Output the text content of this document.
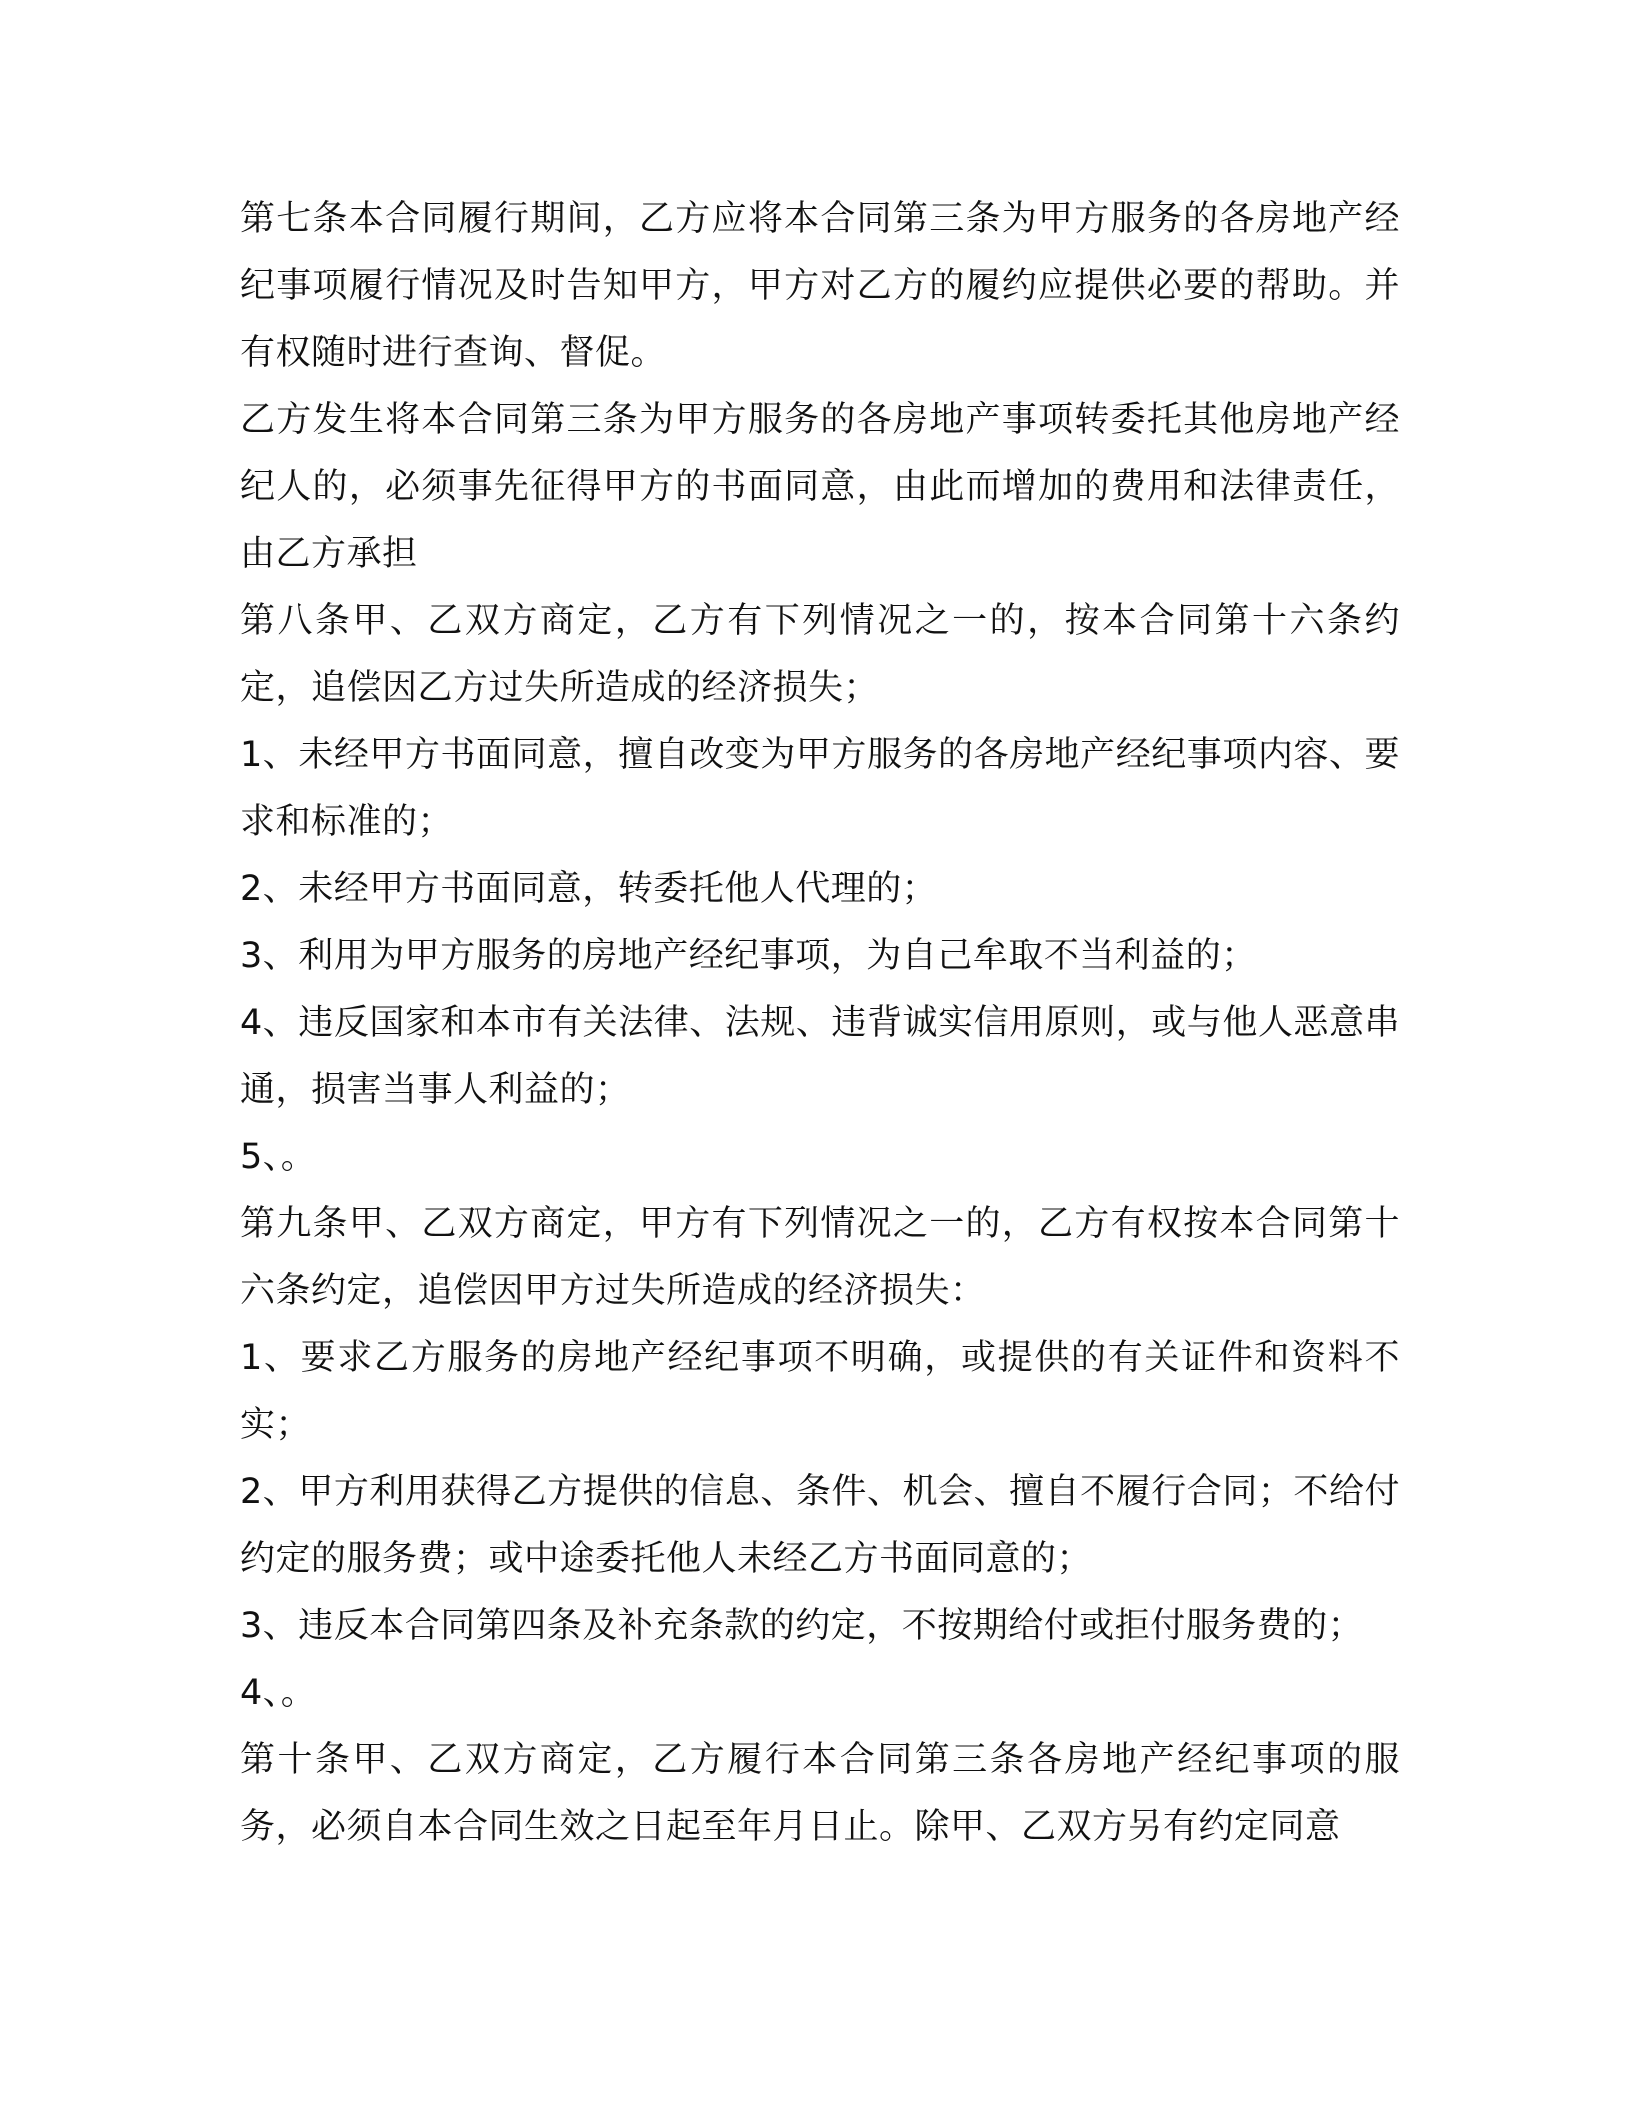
第七条本合同履行期间，乙方应将本合同第三条为甲方服务的各房地产经纪事项履行情况及时告知甲方，甲方对乙方的履约应提供必要的帮助。并有权随时进行查询、督促。

乙方发生将本合同第三条为甲方服务的各房地产事项转委托其他房地产经纪人的，必须事先征得甲方的书面同意，由此而增加的费用和法律责任，由乙方承担

第八条甲、乙双方商定，乙方有下列情况之一的，按本合同第十六条约定，追偿因乙方过失所造成的经济损失；

1、未经甲方书面同意，擅自改变为甲方服务的各房地产经纪事项内容、要求和标准的；

2、未经甲方书面同意，转委托他人代理的；

3、利用为甲方服务的房地产经纪事项，为自己牟取不当利益的；

4、违反国家和本市有关法律、法规、违背诚实信用原则，或与他人恶意串通，损害当事人利益的；

5、。

第九条甲、乙双方商定，甲方有下列情况之一的，乙方有权按本合同第十六条约定，追偿因甲方过失所造成的经济损失：

1、要求乙方服务的房地产经纪事项不明确，或提供的有关证件和资料不实；

2、甲方利用获得乙方提供的信息、条件、机会、擅自不履行合同；不给付约定的服务费；或中途委托他人未经乙方书面同意的；

3、违反本合同第四条及补充条款的约定，不按期给付或拒付服务费的；

4、。

第十条甲、乙双方商定，乙方履行本合同第三条各房地产经纪事项的服务，必须自本合同生效之日起至年月日止。除甲、乙双方另有约定同意
